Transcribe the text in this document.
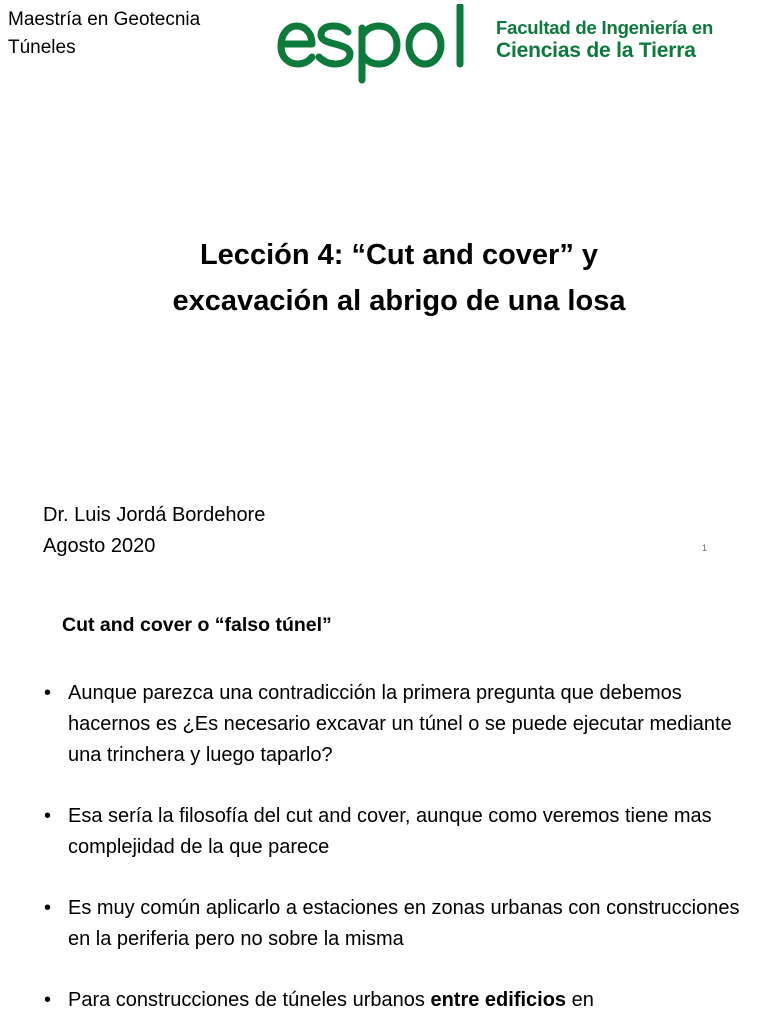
Maestría en Geotecnia
Túneles
Facultad de Ingeniería en
Ciencias de la Tierra
Lección 4: “Cut and cover” y
excavación al abrigo de una losa
Dr. Luis Jordá Bordehore
Agosto 2020	1
Cut and cover o “falso túnel”
• Aunque parezca una contradicción la primera pregunta que debemos hacernos es ¿Es necesario excavar un túnel o se puede ejecutar mediante una trinchera y luego taparlo?
• Esa sería la filosofía del cut and cover, aunque como veremos tiene mas complejidad de la que parece
• Es muy común aplicarlo a estaciones en zonas urbanas con construcciones en la periferia pero no sobre la misma
• Para construcciones de túneles urbanos entre edificios en
